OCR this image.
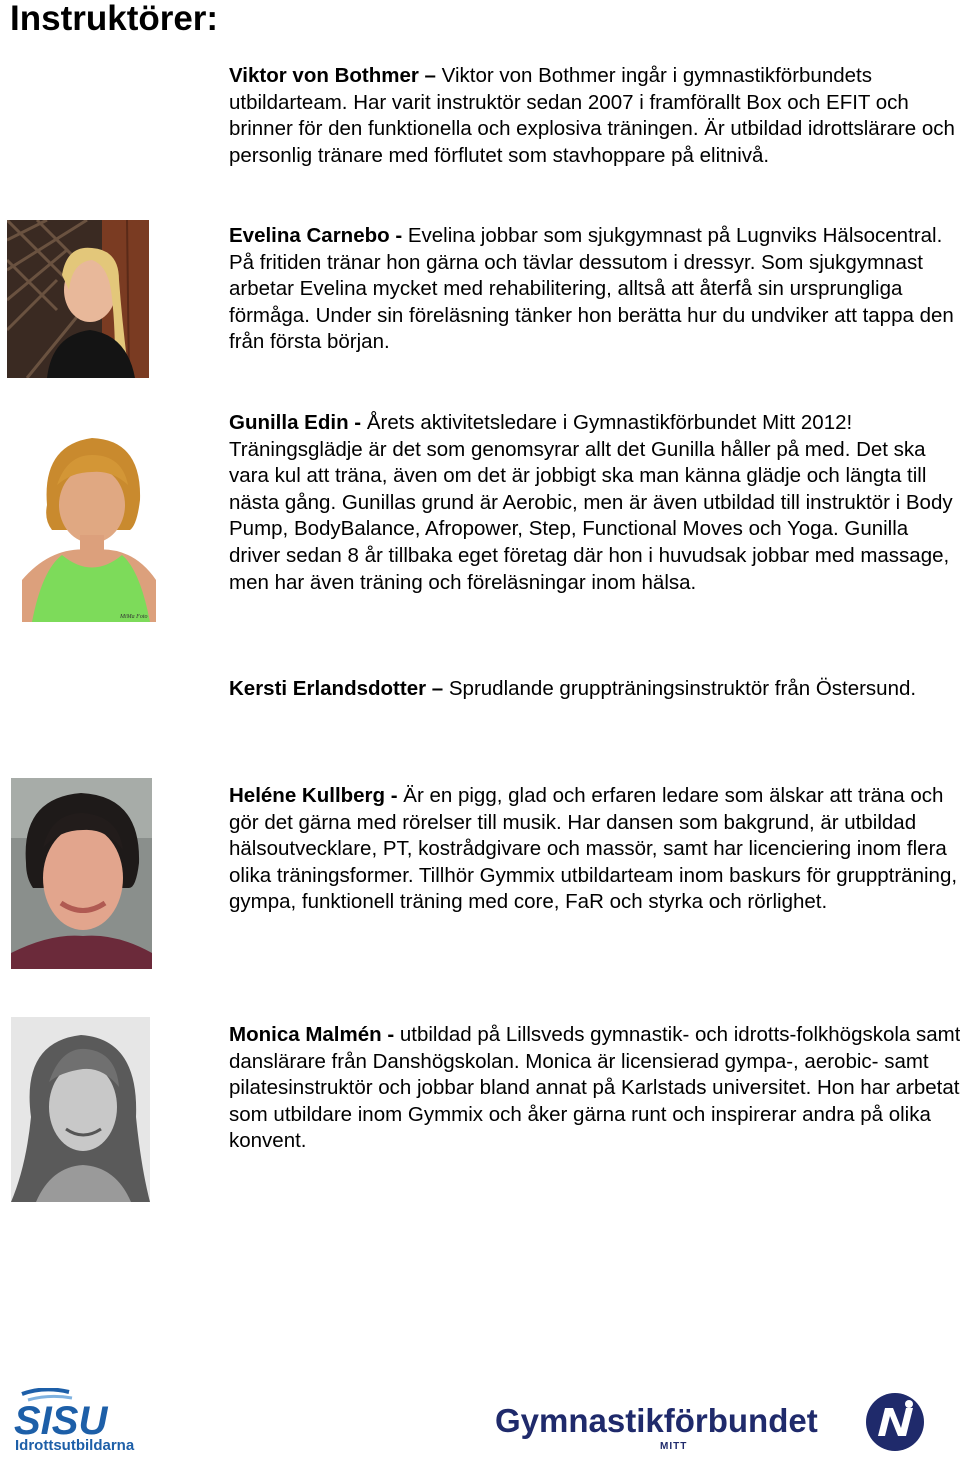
Instruktörer:

Viktor von Bothmer – Viktor von Bothmer ingår i gymnastikförbundets utbildarteam. Har varit instruktör sedan 2007 i framförallt Box och EFIT och brinner för den funktionella och explosiva träningen. Är utbildad idrottslärare och personlig tränare med förflutet som stavhoppare på elitnivå.

Evelina Carnebo - Evelina jobbar som sjukgymnast på Lugnviks Hälsocentral. På fritiden tränar hon gärna och tävlar dessutom i dressyr. Som sjukgymnast arbetar Evelina mycket med rehabilitering, alltså att återfå sin ursprungliga förmåga. Under sin föreläsning tänker hon berätta hur du undviker att tappa den från första början.

MiMa Foto

Gunilla Edin - Årets aktivitetsledare i Gymnastikförbundet Mitt 2012! Träningsglädje är det som genomsyrar allt det Gunilla håller på med. Det ska vara kul att träna, även om det är jobbigt ska man känna glädje och längta till nästa gång. Gunillas grund är Aerobic, men är även utbildad till instruktör i Body Pump, BodyBalance, Afropower, Step, Functional Moves och Yoga. Gunilla driver sedan 8 år tillbaka eget företag där hon i huvudsak jobbar med massage, men har även träning och föreläsningar inom hälsa.

Kersti Erlandsdotter – Sprudlande gruppträningsinstruktör från Östersund.

Heléne Kullberg - Är en pigg, glad och erfaren ledare som älskar att träna och gör det gärna med rörelser till musik. Har dansen som bakgrund, är utbildad hälsoutvecklare, PT, kostrådgivare och massör, samt har licenciering inom flera olika träningsformer. Tillhör Gymmix utbildarteam inom baskurs för gruppträning, gympa, funktionell träning med core, FaR och styrka och rörlighet.

Monica Malmén - utbildad på Lillsveds gymnastik- och idrotts-folkhögskola samt danslärare från Danshögskolan. Monica är licensierad gympa-, aerobic- samt pilatesinstruktör och jobbar bland annat på Karlstads universitet. Hon har arbetat som utbildare inom Gymmix och åker gärna runt och inspirerar andra på olika konvent.

SISU
Idrottsutbildarna
Gymnastikförbundet
MITT
